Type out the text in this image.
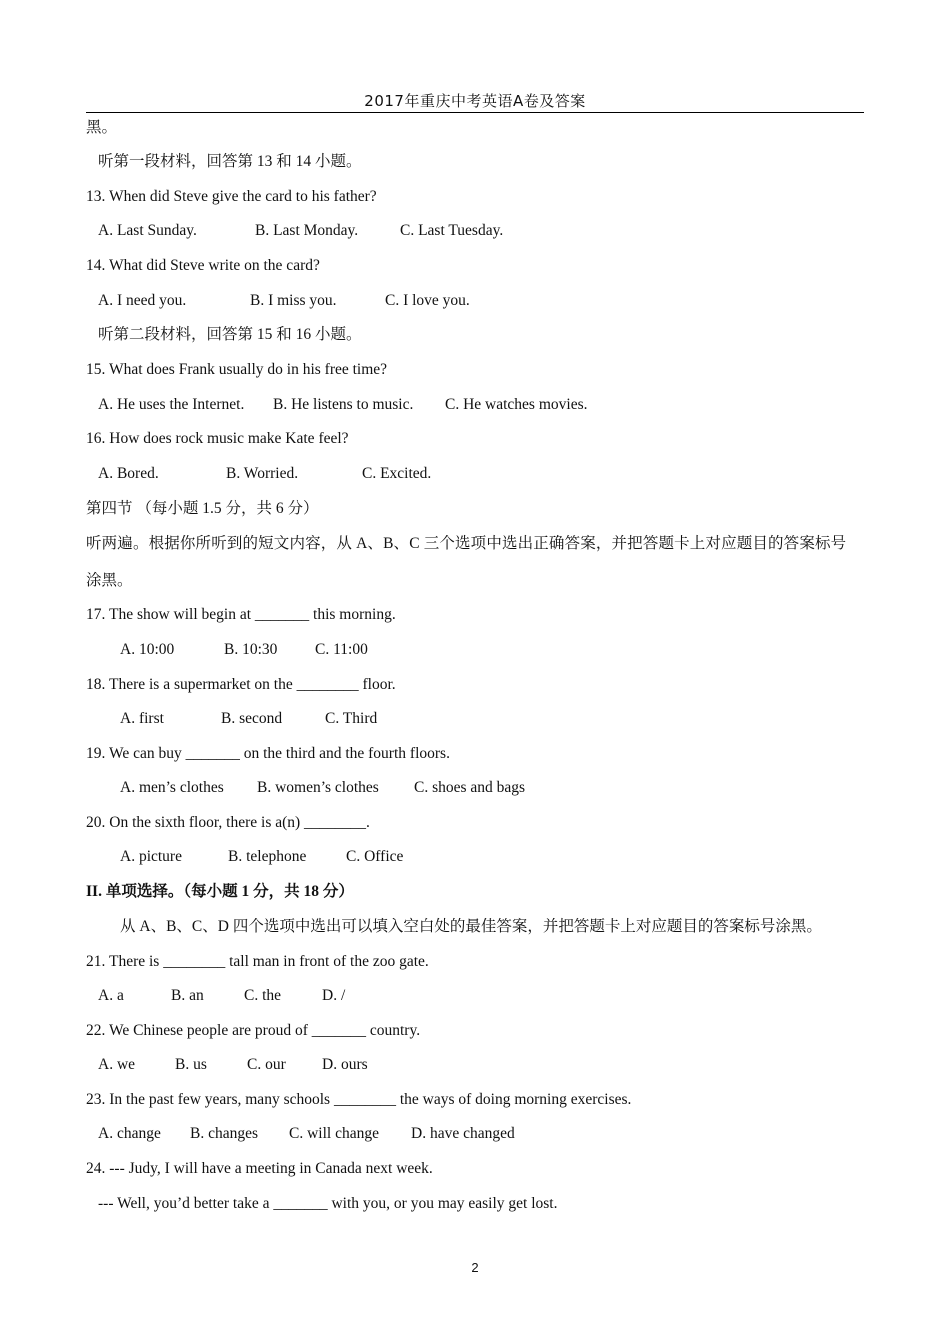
2017年重庆中考英语A卷及答案
黑。
听第一段材料，回答第 13 和 14 小题。
13. When did Steve give the card to his father?
A. Last Sunday.	B. Last Monday.	C. Last Tuesday.
14. What did Steve write on the card?
A. I need you.	B. I miss you.	C. I love you.
听第二段材料，回答第 15 和 16 小题。
15. What does Frank usually do in his free time?
A. He uses the Internet. B. He listens to music. C. He watches movies.
16. How does rock music make Kate feel?
A. Bored.	B. Worried.	C. Excited.
第四节 （每小题 1.5 分，共 6 分）
听两遍。根据你所听到的短文内容，从 A、B、C 三个选项中选出正确答案，并把答题卡上对应题目的答案标号
涂黑。
17. The show will begin at _______ this morning.
A. 10:00	B. 10:30 C. 11:00
18. There is a supermarket on the ________ floor.
A. first	B. second	C. Third
19. We can buy _______ on the third and the fourth floors.
A. men’s clothes B. women’s clothes C. shoes and bags
20. On the sixth floor, there is a(n) ________.
A. picture	B. telephone	C. Office
II. 单项选择。（每小题 1 分，共 18 分）
从 A、B、C、D 四个选项中选出可以填入空白处的最佳答案，并把答题卡上对应题目的答案标号涂黑。
21. There is ________ tall man in front of the zoo gate.
A. a	B. an	C. the	D. /
22. We Chinese people are proud of _______ country.
A. we	B. us	C. our D. ours
23. In the past few years, many schools ________ the ways of doing morning exercises.
A. change B. changes C. will change D. have changed
24. --- Judy, I will have a meeting in Canada next week.
--- Well, you’d better take a _______ with you, or you may easily get lost.
2
